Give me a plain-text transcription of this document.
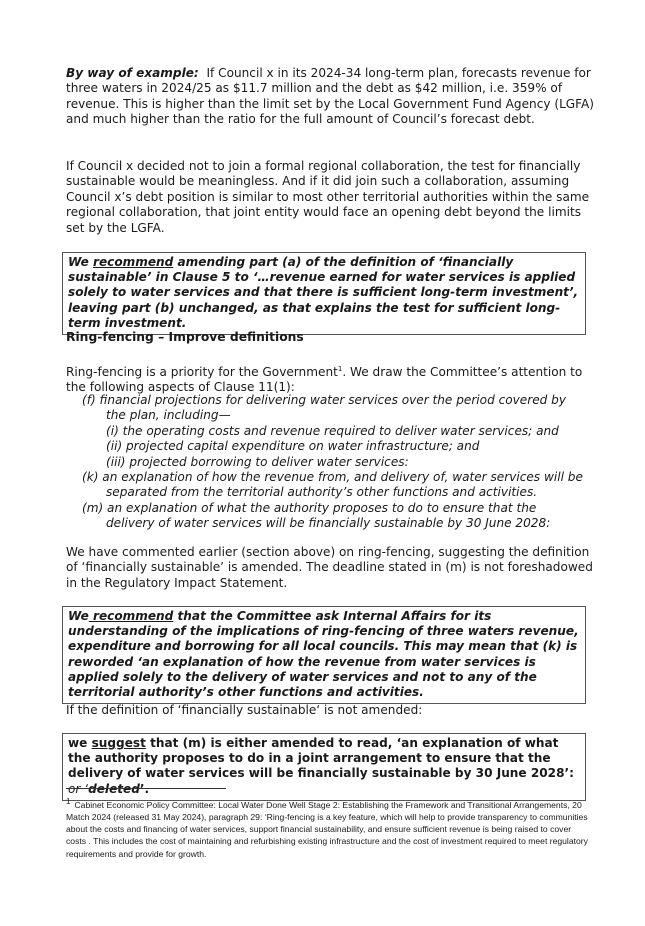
By way of example: If Council x in its 2024-34 long-term plan, forecasts revenue for three waters in 2024/25 as $11.7 million and the debt as $42 million, i.e. 359% of revenue. This is higher than the limit set by the Local Government Fund Agency (LGFA) and much higher than the ratio for the full amount of Council’s forecast debt.

If Council x decided not to join a formal regional collaboration, the test for financially sustainable would be meaningless. And if it did join such a collaboration, assuming Council x’s debt position is similar to most other territorial authorities within the same regional collaboration, that joint entity would face an opening debt beyond the limits set by the LGFA.

We recommend amending part (a) of the definition of ‘financially sustainable’ in Clause 5 to ‘…revenue earned for water services is applied solely to water services and that there is sufficient long-term investment’, leaving part (b) unchanged, as that explains the test for sufficient long-term investment.
Ring-fencing – Improve definitions

Ring-fencing is a priority for the Government$^1$. We draw the Committee’s attention to the following aspects of Clause 11(1):

(f) financial projections for delivering water services over the period covered by

the plan, including—

(i) the operating costs and revenue required to deliver water services; and

(ii) projected capital expenditure on water infrastructure; and

(iii) projected borrowing to deliver water services:

(k) an explanation of how the revenue from, and delivery of, water services will be

separated from the territorial authority’s other functions and activities.

(m) an explanation of what the authority proposes to do to ensure that the

delivery of water services will be financially sustainable by 30 June 2028:

We have commented earlier (section above) on ring-fencing, suggesting the definition of ‘financially sustainable’ is amended. The deadline stated in (m) is not foreshadowed in the Regulatory Impact Statement.

We recommend that the Committee ask Internal Affairs for its understanding of the implications of ring-fencing of three waters revenue, expenditure and borrowing for all local councils. This may mean that (k) is reworded ‘an explanation of how the revenue from water services is applied solely to the delivery of water services and not to any of the territorial authority’s other functions and activities.

If the definition of ‘financially sustainable‘ is not amended:

we suggest that (m) is either amended to read, ‘an explanation of what the authority proposes to do in a joint arrangement to ensure that the delivery of water services will be financially sustainable by 30 June 2028’: or ‘deleted’.

1 Cabinet Economic Policy Committee: Local Water Done Well Stage 2: Establishing the Framework and Transitional Arrangements, 20 Match 2024 (released 31 May 2024), paragraph 29: ‘Ring-fencing is a key feature, which will help to provide transparency to communities about the costs and financing of water services, support financial sustainability, and ensure sufficient revenue is being raised to cover costs . This includes the cost of maintaining and refurbishing existing infrastructure and the cost of investment required to meet regulatory requirements and provide for growth.
